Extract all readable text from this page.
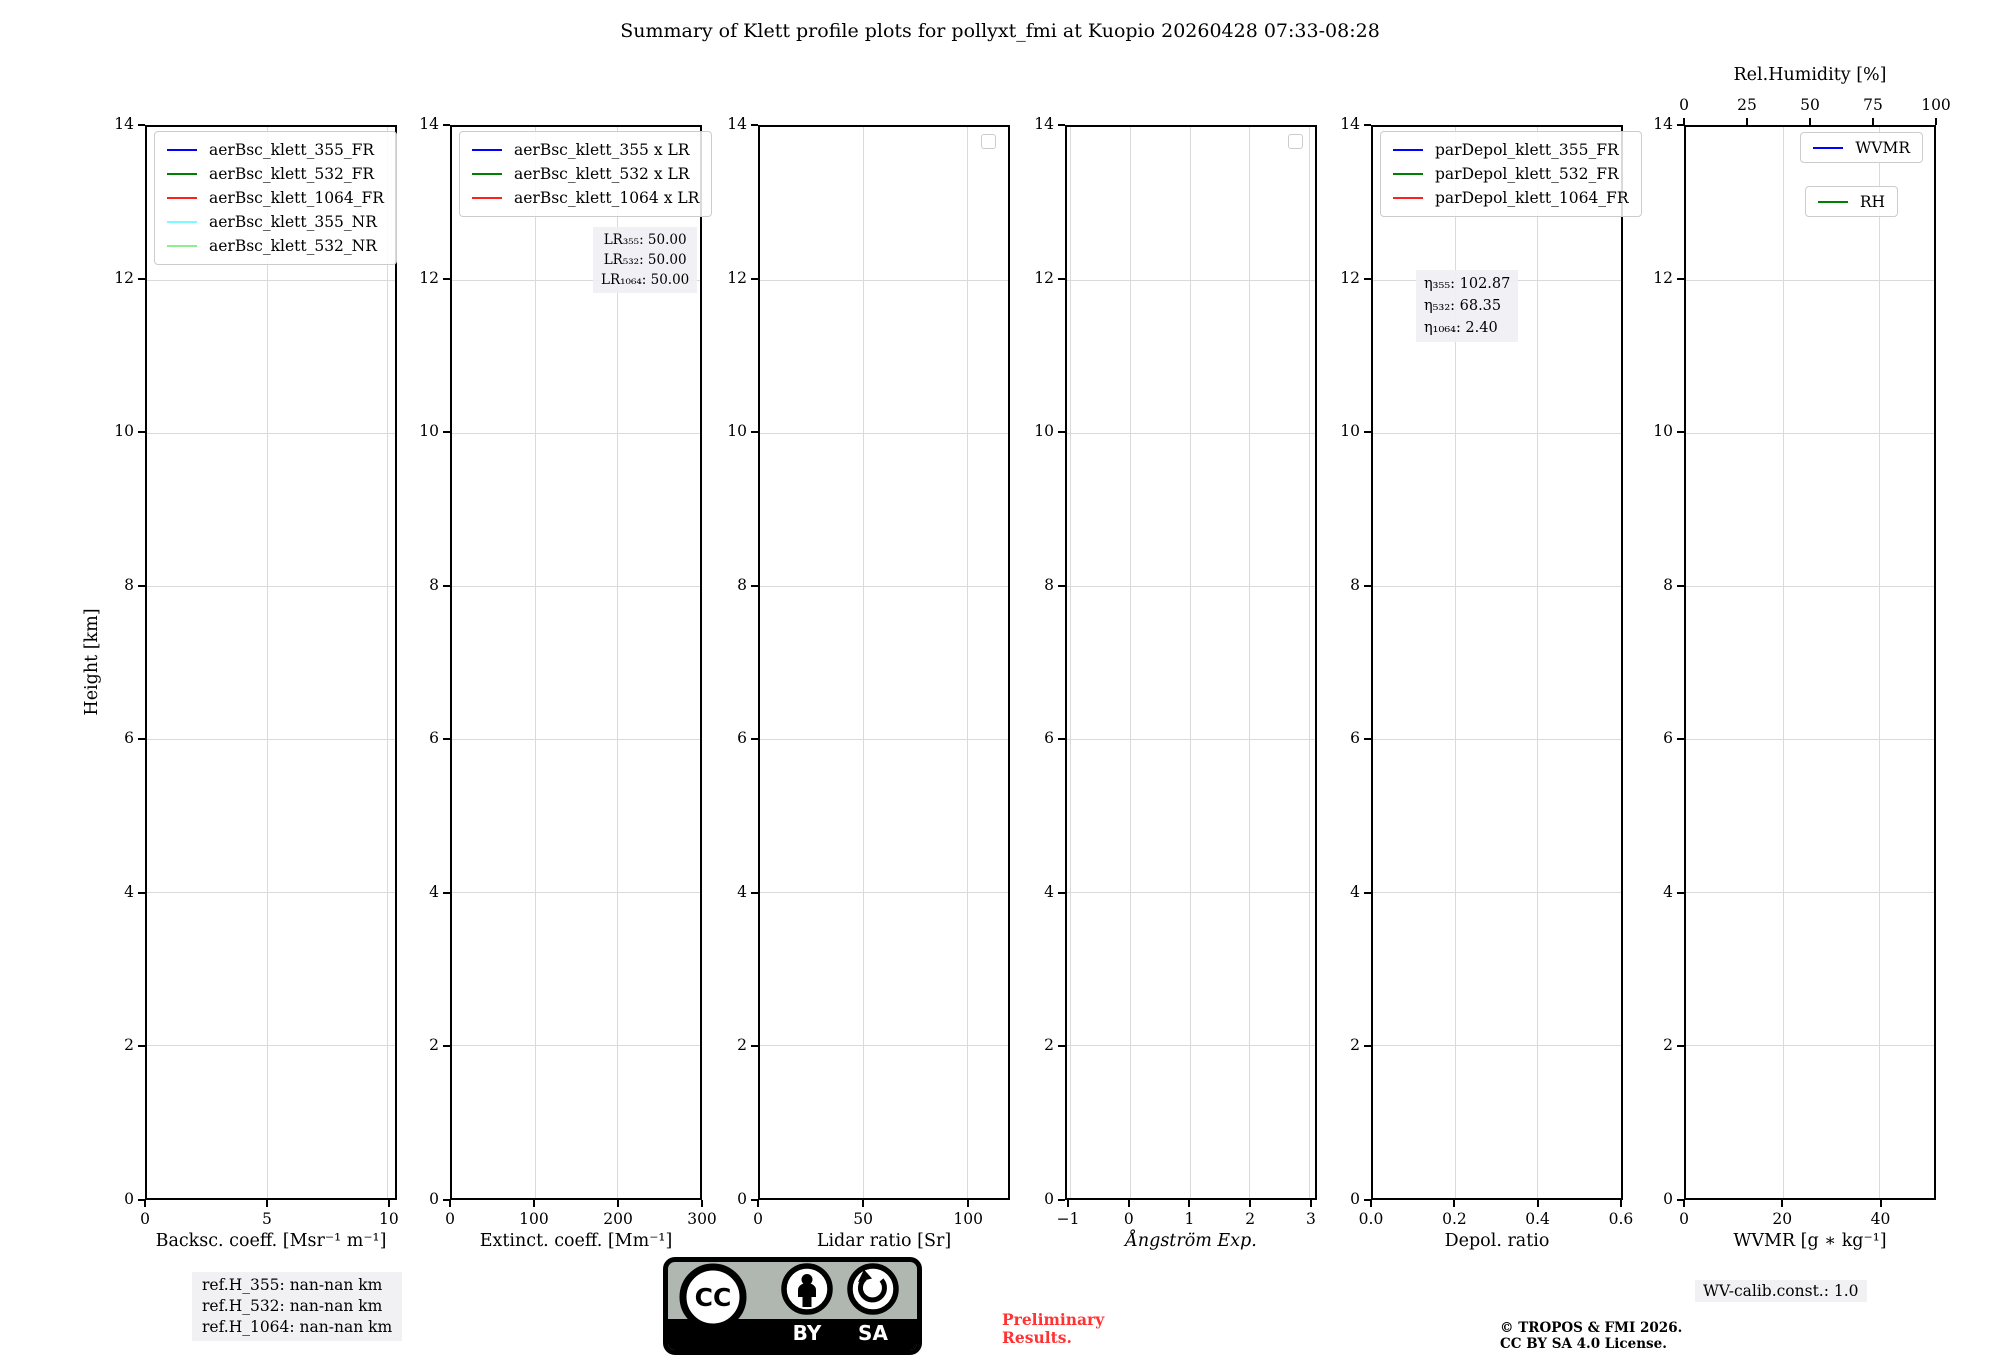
Summary of Klett profile plots for pollyxt_fmi at Kuopio 20260428 07:33-08:28
Height [km]
ref.H_355: nan-nan km
ref.H_532: nan-nan km
ref.H_1064: nan-nan km
CC
BY SA
Preliminary
Results.	© TROPOS & FMI 2026.
CC BY SA 4.0 License.
WV-calib.const.: 1.0
aerBsc_klett_355_FR
aerBsc_klett_532_FR
aerBsc_klett_1064_FR
aerBsc_klett_355_NR
aerBsc_klett_532_NR
0
2
4
6
8
10
12
14
0	5	10
Backsc. coeff. [Msr⁻¹ m⁻¹]
aerBsc_klett_355 x LR
aerBsc_klett_532 x LR
aerBsc_klett_1064 x LR
LR₃₅₅: 50.00
LR₅₃₂: 50.00
LR₁₀₆₄: 50.00
0
2
4
6
8
10
12
14
0	100	200	300
Extinct. coeff. [Mm⁻¹]
0
2
4
6
8
10
12
14
0	50	100
Lidar ratio [Sr]
0
2
4
6
8
10
12
14
−1	0	1	2	3
Ångström Exp.
parDepol_klett_355_FR
parDepol_klett_532_FR
parDepol_klett_1064_FR
η₃₅₅: 102.87
η₅₃₂: 68.35
η₁₀₆₄: 2.40
0
2
4
6
8
10
12
14
0.0	0.2	0.4	0.6
Depol. ratio
WVMR
RH
0
2
4
6
8
10
12
14
0	20	40
WVMR [g ∗ kg⁻¹]
Rel.Humidity [%]
0	25	50	75	100
